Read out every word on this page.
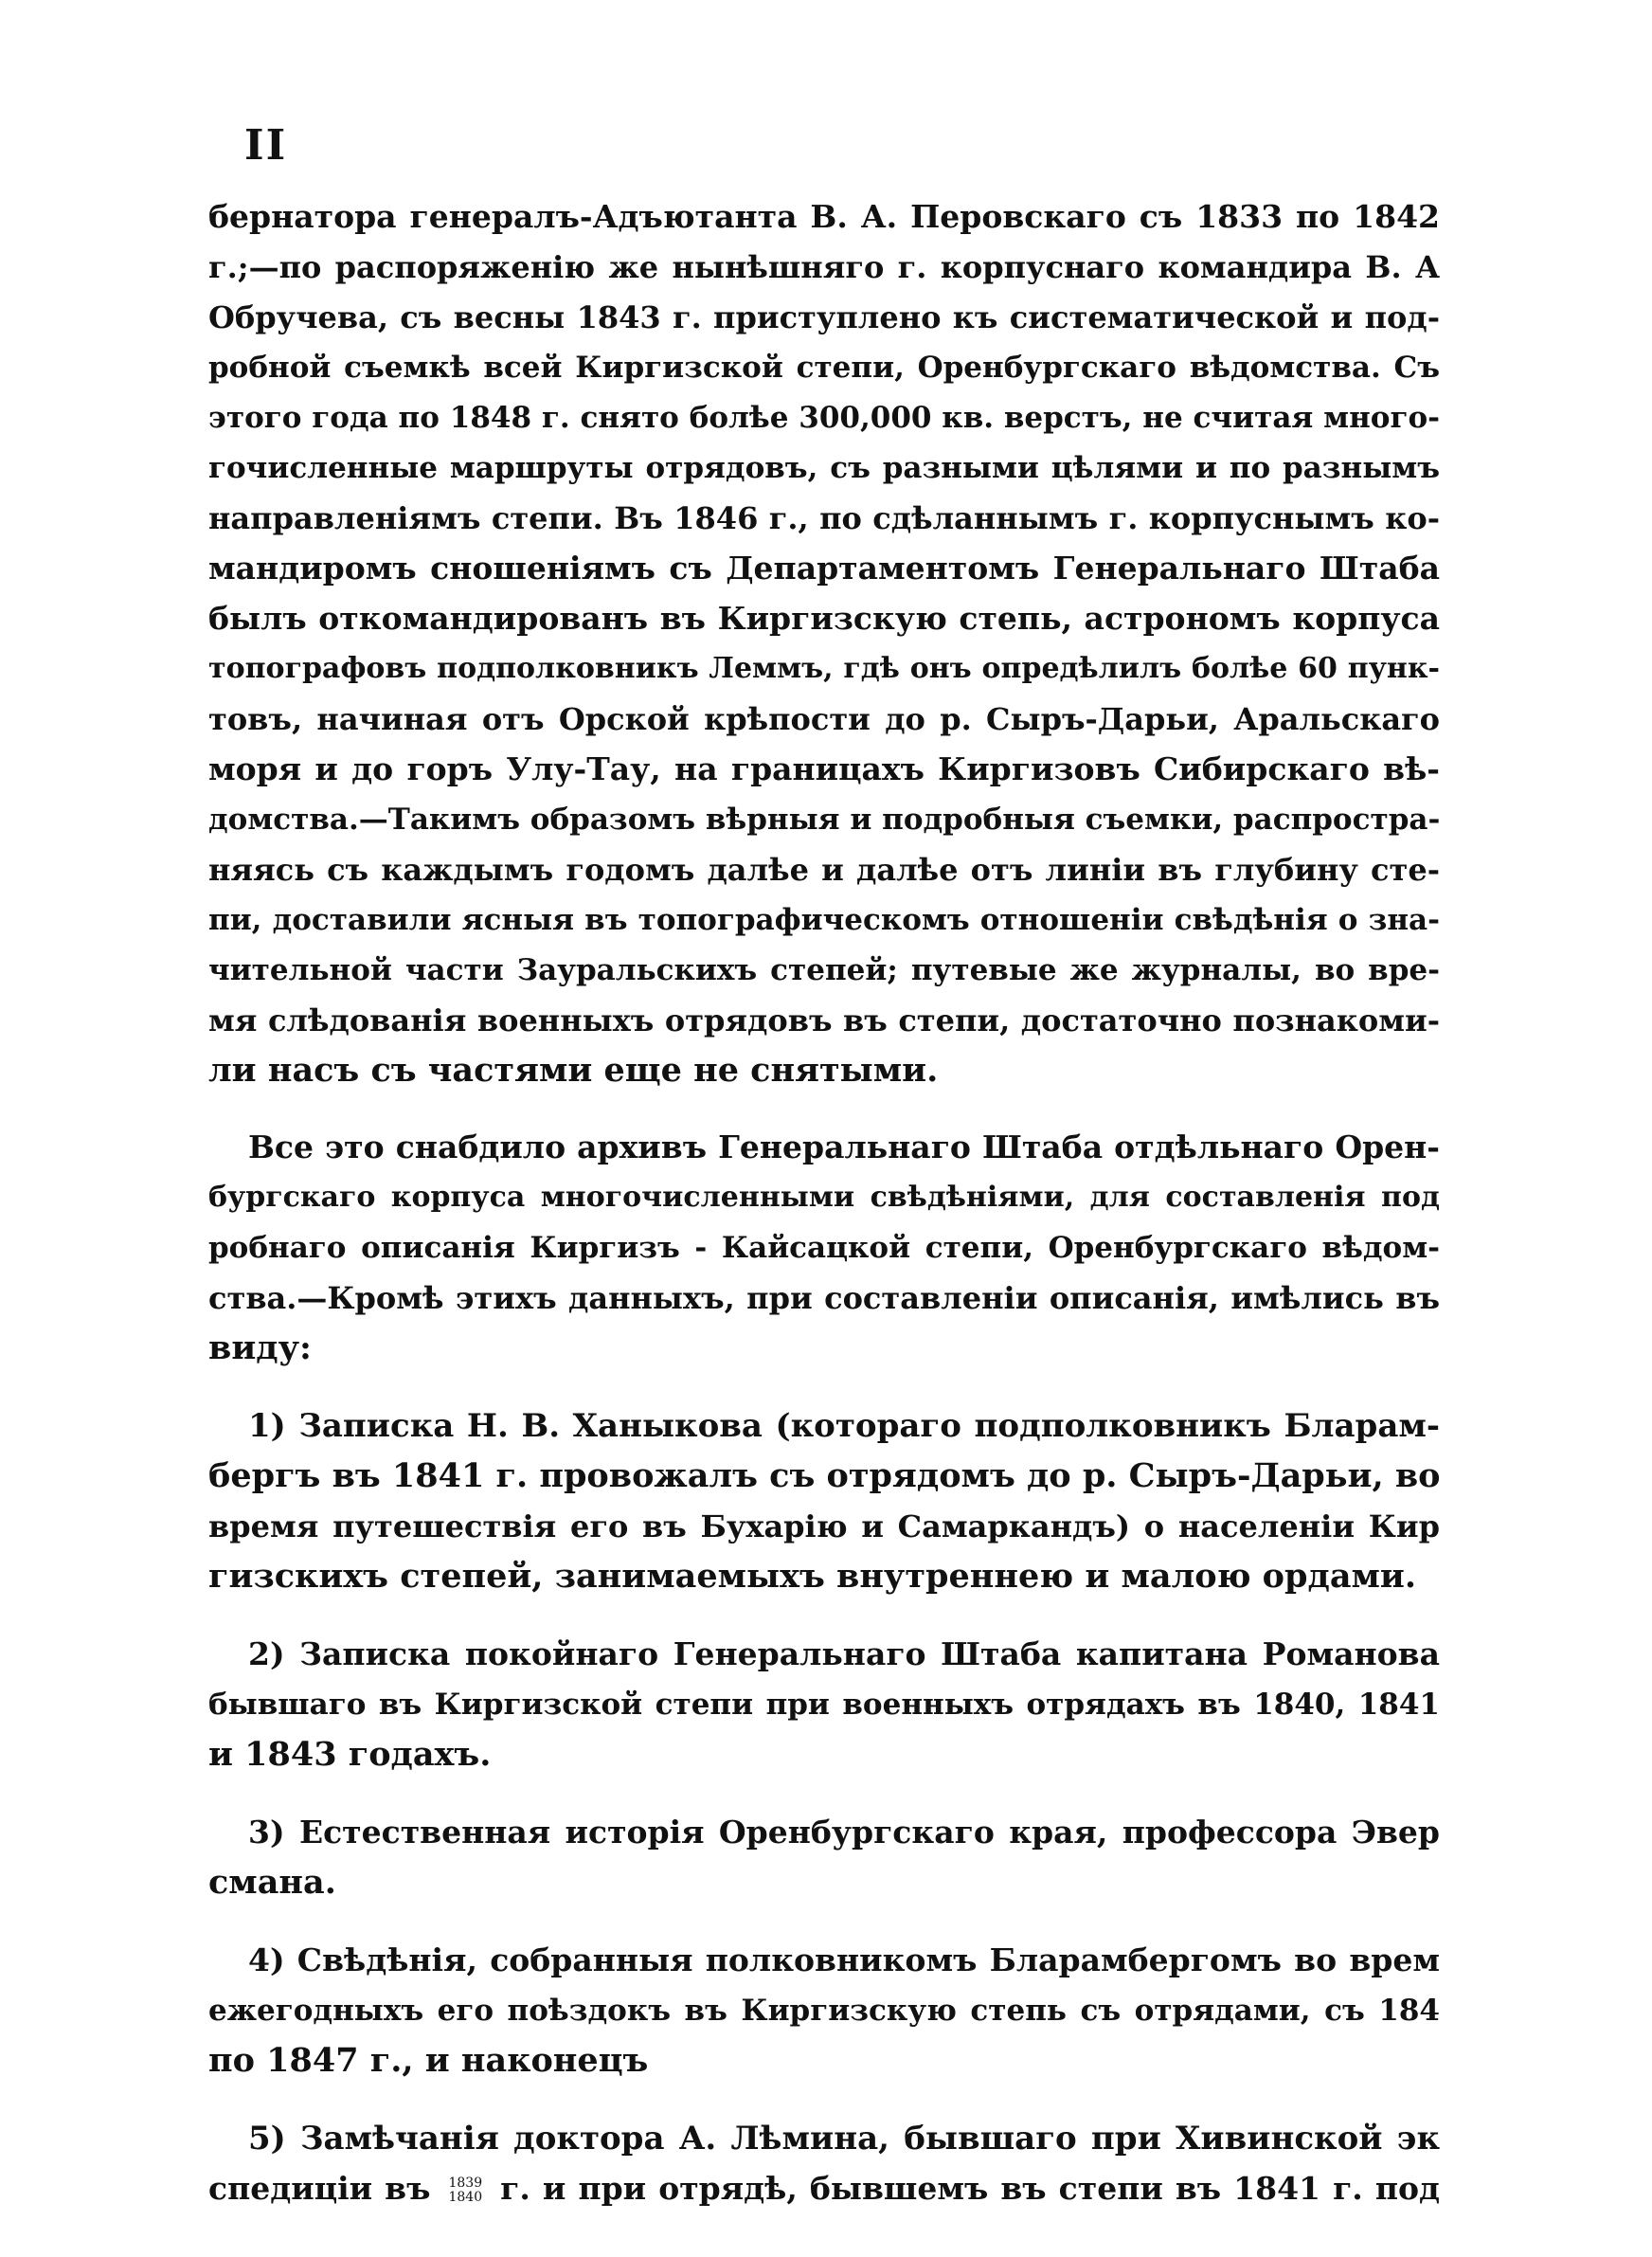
II
бернатора генералъ-Адъютанта В. А. Перовскаго съ 1833 по 1842
г.;—по распоряженію же нынѣшняго г. корпуснаго командира В. А
Обручева, съ весны 1843 г. приступлено къ систематической и под-
робной съемкѣ всей Киргизской степи, Оренбургскаго вѣдомства. Съ
этого года по 1848 г. снято болѣе 300,000 кв. верстъ, не считая много-
гочисленные маршруты отрядовъ, съ разными цѣлями и по разнымъ
направленіямъ степи. Въ 1846 г., по сдѣланнымъ г. корпуснымъ ко-
мандиромъ сношеніямъ съ Департаментомъ Генеральнаго Штаба
былъ откомандированъ въ Киргизскую степь, астрономъ корпуса
топографовъ подполковникъ Леммъ, гдѣ онъ опредѣлилъ болѣе 60 пунк-
товъ, начиная отъ Орской крѣпости до р. Сыръ-Дарьи, Аральскаго
моря и до горъ Улу-Тау, на границахъ Киргизовъ Сибирскаго вѣ-
домства.—Такимъ образомъ вѣрныя и подробныя съемки, распростра-
няясь съ каждымъ годомъ далѣе и далѣе отъ линіи въ глубину сте-
пи, доставили ясныя въ топографическомъ отношеніи свѣдѣнія о зна-
чительной части Зауральскихъ степей; путевые же журналы, во вре-
мя слѣдованія военныхъ отрядовъ въ степи, достаточно познакоми-
ли насъ съ частями еще не снятыми.
Все это снабдило архивъ Генеральнаго Штаба отдѣльнаго Орен-
бургскаго корпуса многочисленными свѣдѣніями, для составленія под
робнаго описанія Киргизъ - Кайсацкой степи, Оренбургскаго вѣдом-
ства.—Кромѣ этихъ данныхъ, при составленіи описанія, имѣлись въ
виду:
1) Записка Н. В. Ханыкова (котораго подполковникъ Бларам-
бергъ въ 1841 г. провожалъ съ отрядомъ до р. Сыръ-Дарьи, во
время путешествія его въ Бухарію и Самаркандъ) о населеніи Кир
гизскихъ степей, занимаемыхъ внутреннею и малою ордами.
2) Записка покойнаго Генеральнаго Штаба капитана Романова
бывшаго въ Киргизской степи при военныхъ отрядахъ въ 1840, 1841
и 1843 годахъ.
3) Естественная исторія Оренбургскаго края, профессора Эвер
смана.
4) Свѣдѣнія, собранныя полковникомъ Бларамбергомъ во врем
ежегодныхъ его поѣздокъ въ Киргизскую степь съ отрядами, съ 184
по 1847 г., и наконецъ
5) Замѣчанія доктора А. Лѣмина, бывшаго при Хивинской эк
спедиціи въ 1839
1840 г. и при отрядѣ, бывшемъ въ степи въ 1841 г. под
